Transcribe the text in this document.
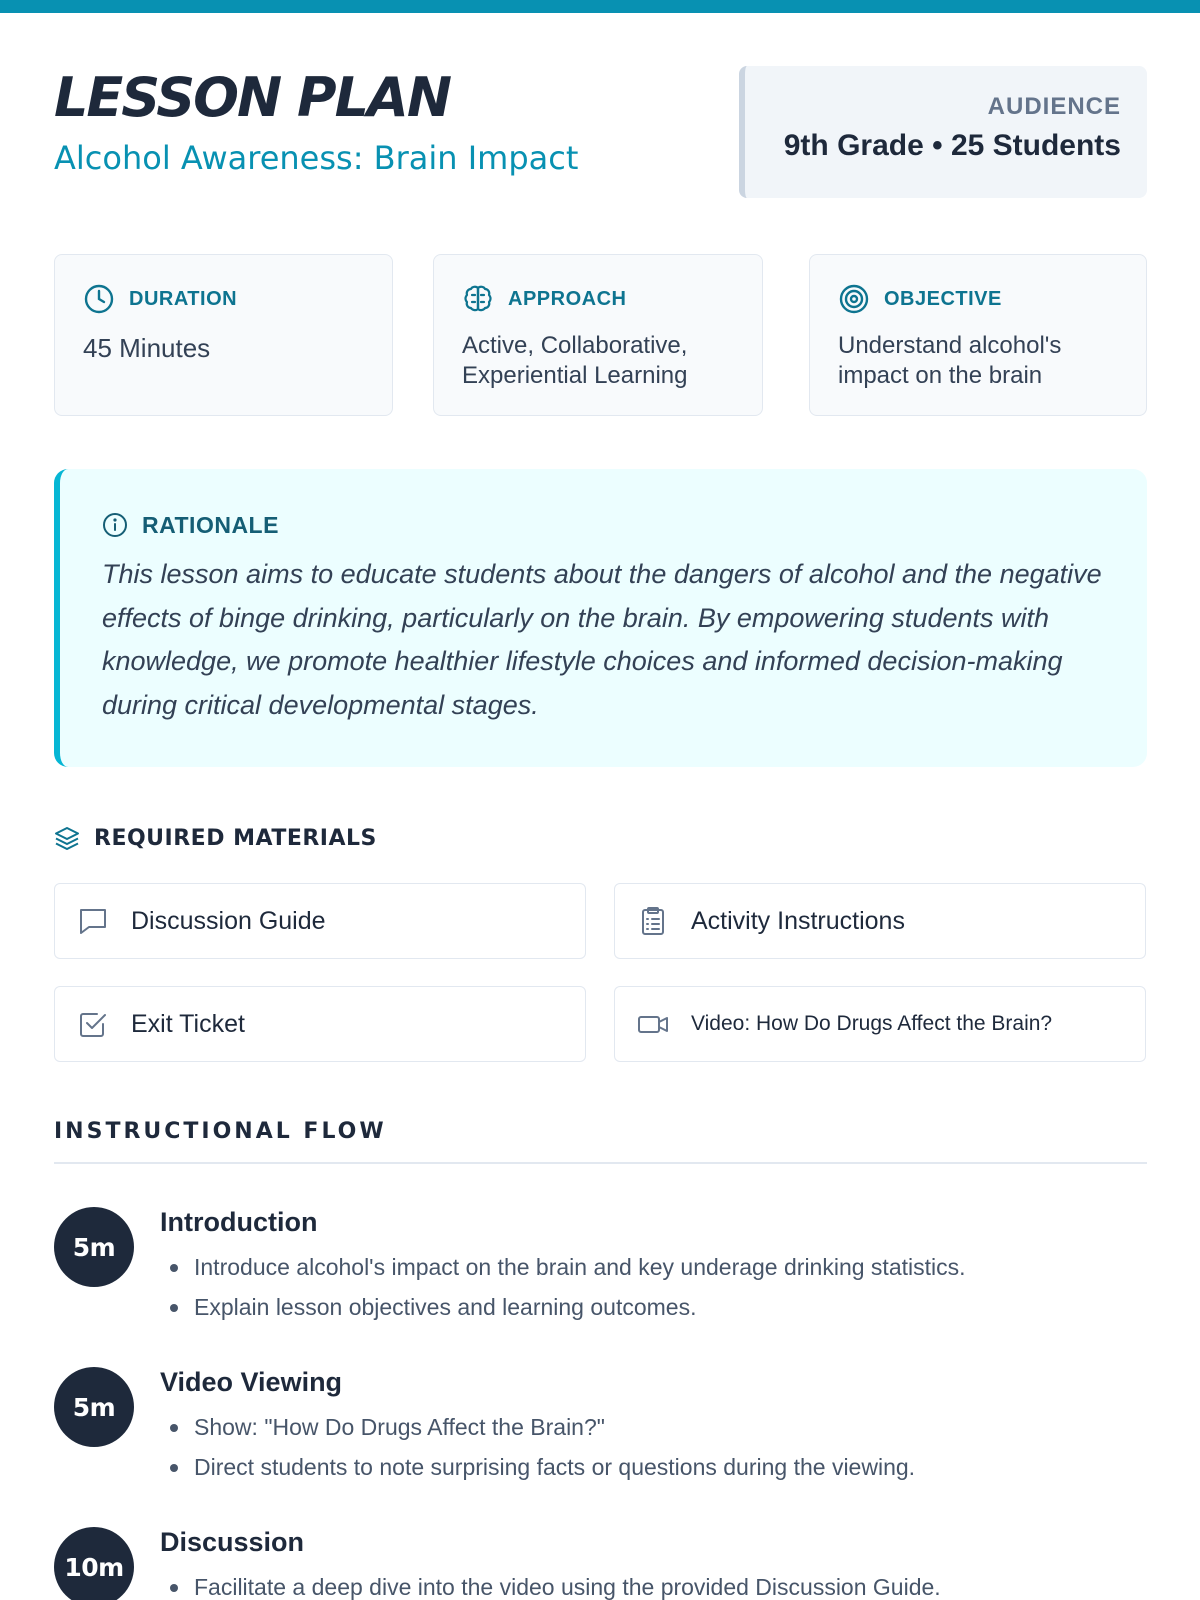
LESSON PLAN
Alcohol Awareness: Brain Impact
AUDIENCE
9th Grade • 25 Students
DURATION
45 Minutes
APPROACH
Active, Collaborative, Experiential Learning
OBJECTIVE
Understand alcohol's impact on the brain
RATIONALE

This lesson aims to educate students about the dangers of alcohol and the negative effects of binge drinking, particularly on the brain. By empowering students with knowledge, we promote healthier lifestyle choices and informed decision-making during critical developmental stages.

REQUIRED MATERIALS
Discussion Guide	Activity Instructions
Exit Ticket	Video: How Do Drugs Affect the Brain?
INSTRUCTIONAL FLOW
5m
Introduction
Introduce alcohol's impact on the brain and key underage drinking statistics.
Explain lesson objectives and learning outcomes.
5m
Video Viewing
Show: "How Do Drugs Affect the Brain?"
Direct students to note surprising facts or questions during the viewing.
10m
Discussion
Facilitate a deep dive into the video using the provided Discussion Guide.
